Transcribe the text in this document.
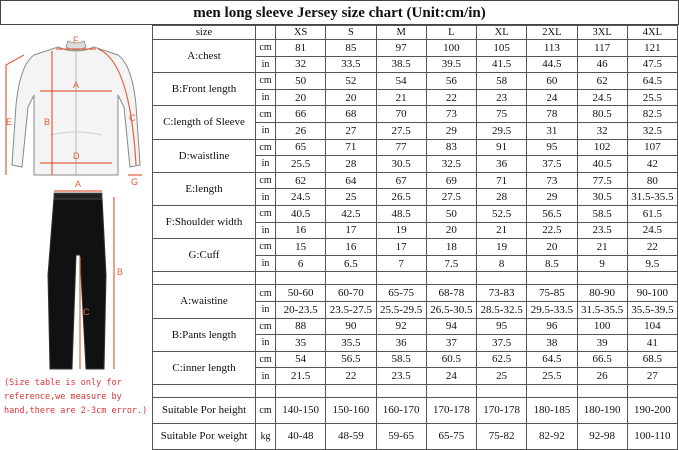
men long sleeve Jersey size chart (Unit:cm/in)
F
A
B	C
D
E
G
A
B
C
(Size table is only for reference,we measure by hand,there are 2-3cm error.)
size		XS	S	M	L	XL	2XL	3XL	4XL
A:chest	cm	81	85	97	100	105	113	117	121
	in	32	33.5	38.5	39.5	41.5	44.5	46	47.5
B:Front length	cm	50	52	54	56	58	60	62	64.5
	in	20	20	21	22	23	24	24.5	25.5
C:length of Sleeve	cm	66	68	70	73	75	78	80.5	82.5
	in	26	27	27.5	29	29.5	31	32	32.5
D:waistline	cm	65	71	77	83	91	95	102	107
	in	25.5	28	30.5	32.5	36	37.5	40.5	42
E:length	cm	62	64	67	69	71	73	77.5	80
	in	24.5	25	26.5	27.5	28	29	30.5	31.5-35.5
F:Shoulder width	cm	40.5	42.5	48.5	50	52.5	56.5	58.5	61.5
	in	16	17	19	20	21	22.5	23.5	24.5
G:Cuff	cm	15	16	17	18	19	20	21	22
	in	6	6.5	7	7.5	8	8.5	9	9.5

A:waistine	cm	50-60	60-70	65-75	68-78	73-83	75-85	80-90	90-100
	in	20-23.5	23.5-27.5	25.5-29.5	26.5-30.5	28.5-32.5	29.5-33.5	31.5-35.5	35.5-39.5
B:Pants length	cm	88	90	92	94	95	96	100	104
	in	35	35.5	36	37	37.5	38	39	41
C:inner length	cm	54	56.5	58.5	60.5	62.5	64.5	66.5	68.5
	in	21.5	22	23.5	24	25	25.5	26	27

Suitable Por height	cm	140-150	150-160	160-170	170-178	170-178	180-185	180-190	190-200
Suitable Por weight	kg	40-48	48-59	59-65	65-75	75-82	82-92	92-98	100-110
